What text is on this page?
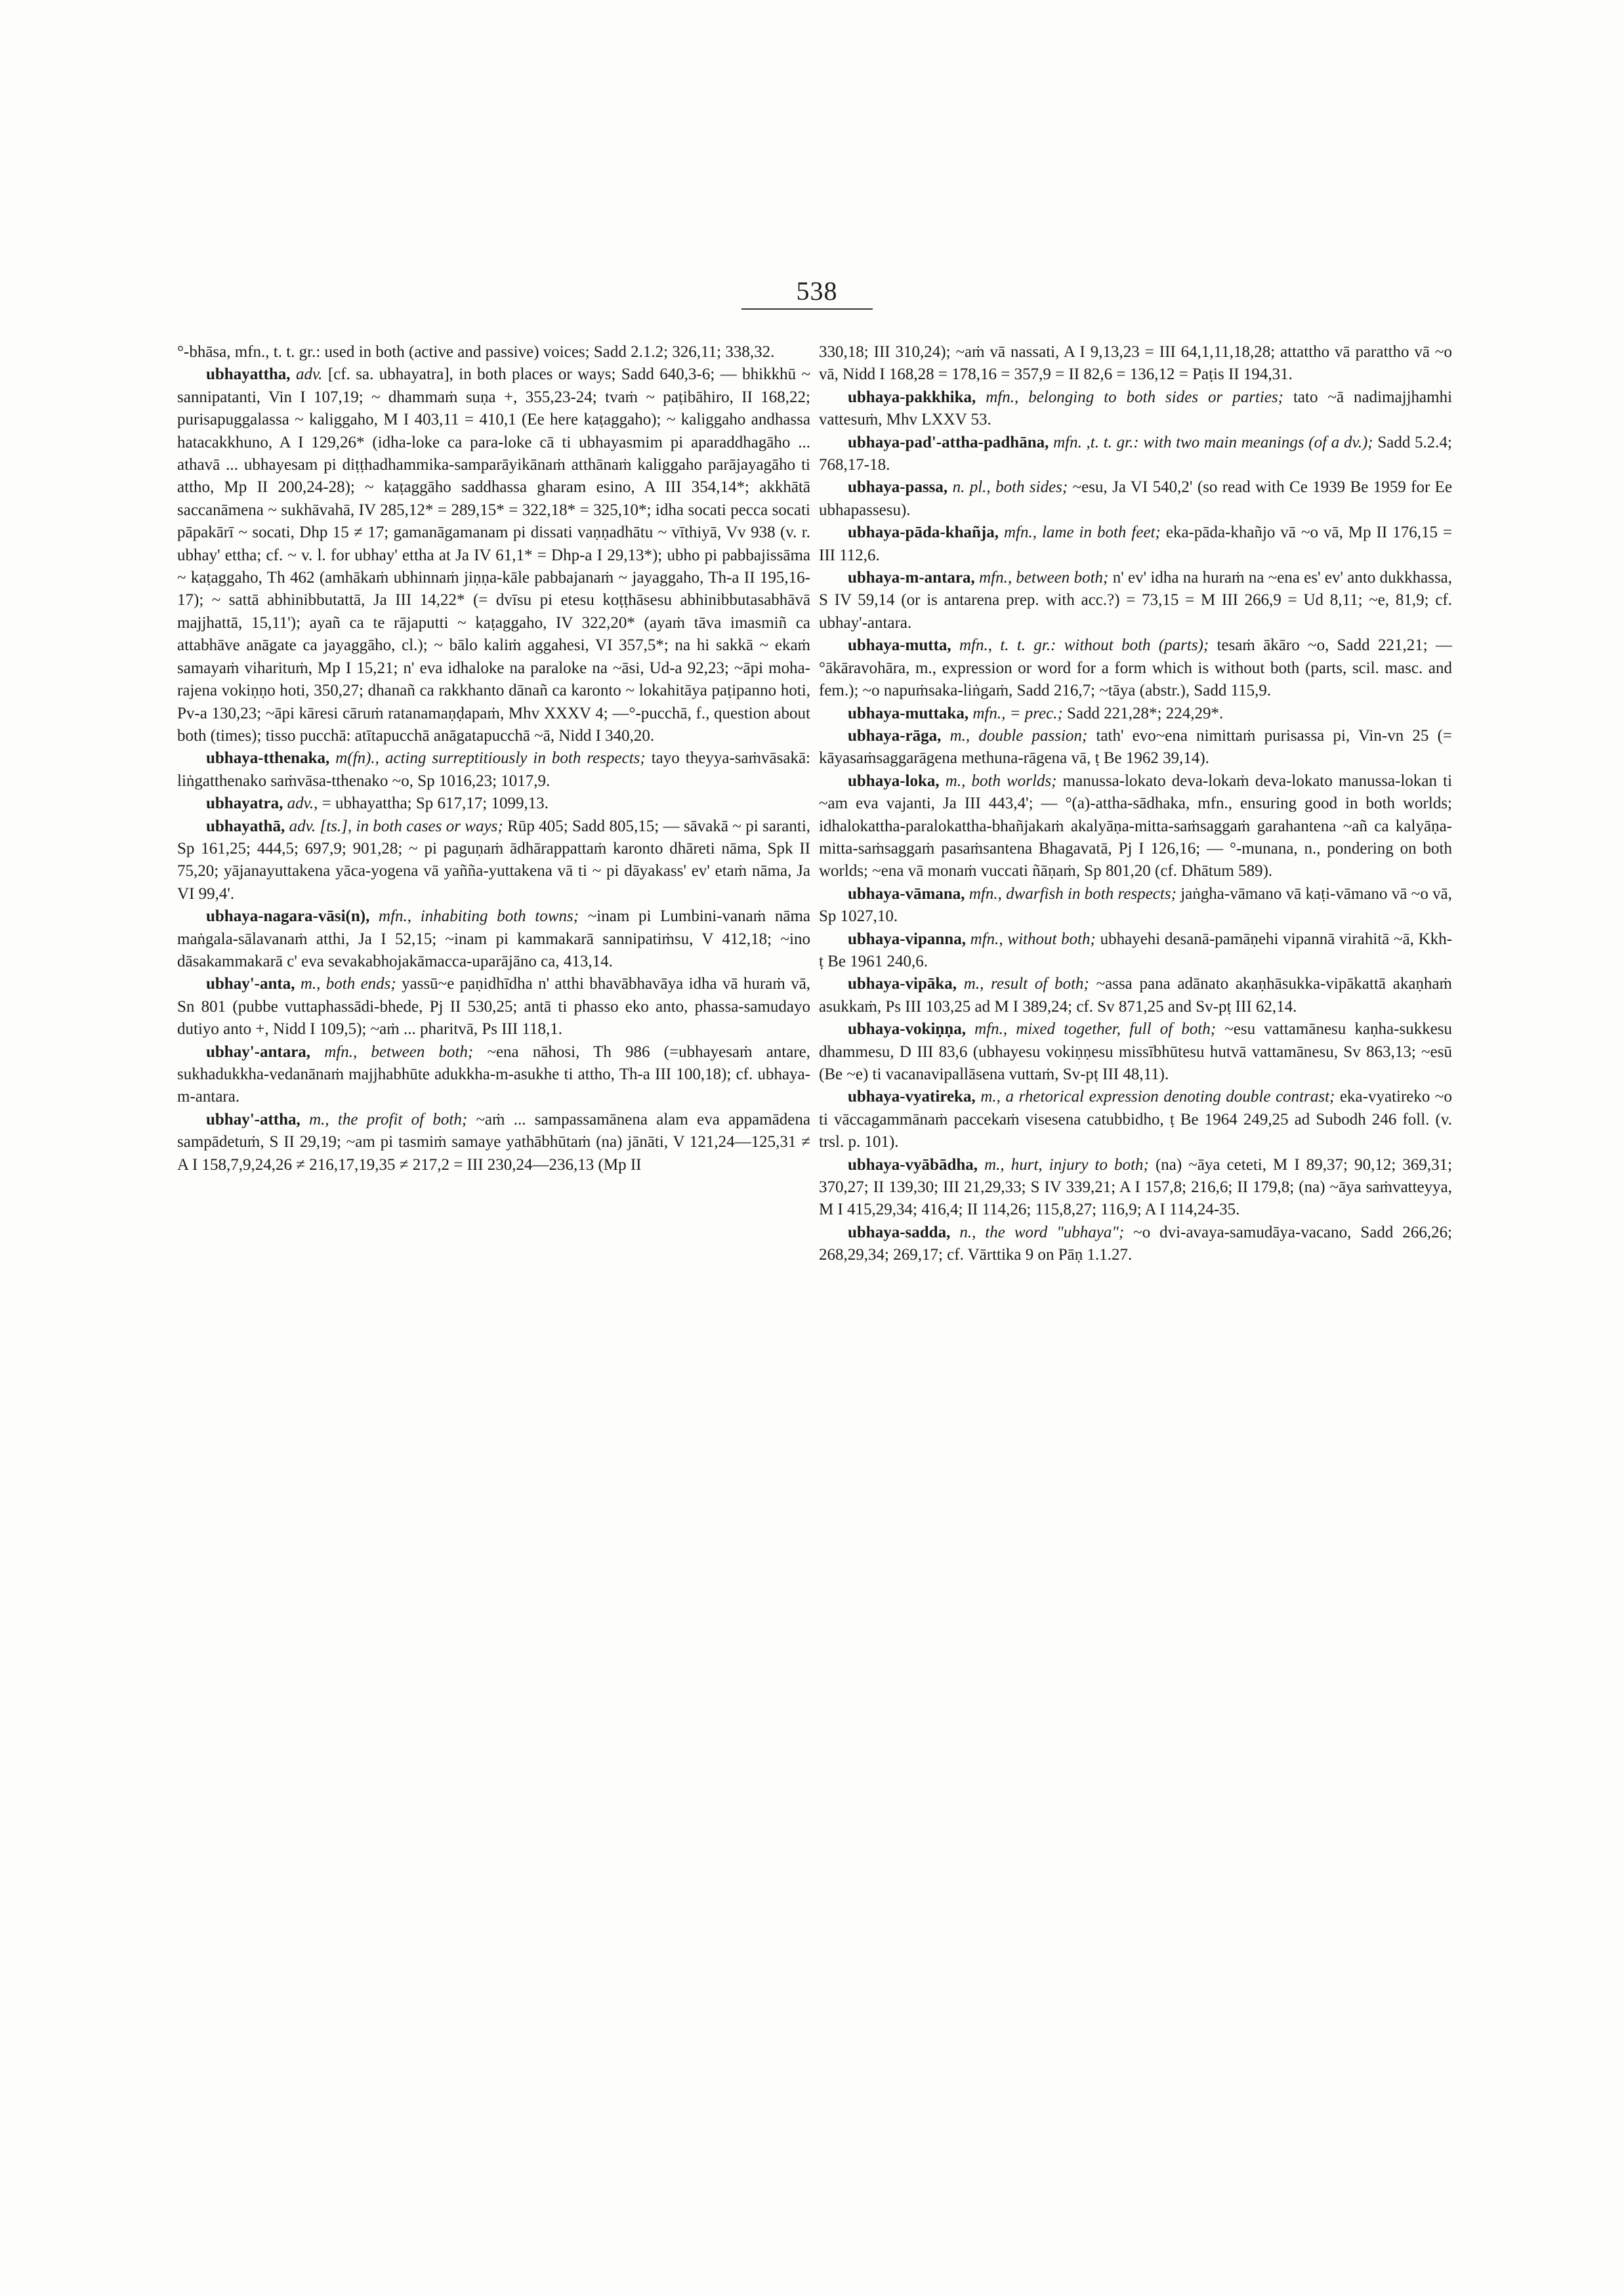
538

°-bhāsa, mfn., t. t. gr.: used in both (active and passive) voices; Sadd 2.1.2; 326,11; 338,32.

ubhayattha, adv. [cf. sa. ubhayatra], in both places or ways; Sadd 640,3-6; — bhikkhū ~ sannipatanti, Vin I 107,19; ~ dhammaṁ suṇa +, 355,23-24; tvaṁ ~ paṭibāhiro, II 168,22; purisapuggalassa ~ kaliggaho, M I 403,11 = 410,1 (Ee here kaṭaggaho); ~ kaliggaho andhassa hatacakkhuno, A I 129,26* (idha-loke ca para-loke cā ti ubhayasmim pi aparaddhagāho ... athavā ... ubhayesam pi diṭṭhadhammika-samparāyikānaṁ atthānaṁ kaliggaho parājayagāho ti attho, Mp II 200,24-28); ~ kaṭaggāho saddhassa gharam esino, A III 354,14*; akkhātā saccanāmena ~ sukhāvahā, IV 285,12* = 289,15* = 322,18* = 325,10*; idha socati pecca socati pāpakārī ~ socati, Dhp 15 ≠ 17; gamanāgamanam pi dissati vaṇṇadhātu ~ vīthiyā, Vv 938 (v. r. ubhay' ettha; cf. ~ v. l. for ubhay' ettha at Ja IV 61,1* = Dhp-a I 29,13*); ubho pi pabbajissāma ~ kaṭaggaho, Th 462 (amhākaṁ ubhinnaṁ jiṇṇa-kāle pabbajanaṁ ~ jayaggaho, Th-a II 195,16-17); ~ sattā abhinibbutattā, Ja III 14,22* (= dvīsu pi etesu koṭṭhāsesu abhinibbutasabhāvā majjhattā, 15,11'); ayañ ca te rājaputti ~ kaṭaggaho, IV 322,20* (ayaṁ tāva imasmiñ ca attabhāve anāgate ca jayaggāho, cl.); ~ bālo kaliṁ aggahesi, VI 357,5*; na hi sakkā ~ ekaṁ samayaṁ viharituṁ, Mp I 15,21; n' eva idhaloke na paraloke na ~āsi, Ud-a 92,23; ~āpi moha-rajena vokiṇṇo hoti, 350,27; dhanañ ca rakkhanto dānañ ca karonto ~ lokahitāya paṭipanno hoti, Pv-a 130,23; ~āpi kāresi cāruṁ ratanamaṇḍapaṁ, Mhv XXXV 4; —°-pucchā, f., question about both (times); tisso pucchā: atītapucchā anāgatapucchā ~ā, Nidd I 340,20.

ubhaya-tthenaka, m(fn)., acting surreptitiously in both respects; tayo theyya-saṁvāsakā: liṅgatthenako saṁvāsa-tthenako ~o, Sp 1016,23; 1017,9.

ubhayatra, adv., = ubhayattha; Sp 617,17; 1099,13.

ubhayathā, adv. [ts.], in both cases or ways; Rūp 405; Sadd 805,15; — sāvakā ~ pi saranti, Sp 161,25; 444,5; 697,9; 901,28; ~ pi paguṇaṁ ādhārappattaṁ karonto dhāreti nāma, Spk II 75,20; yājanayuttakena yāca-yogena vā yañña-yuttakena vā ti ~ pi dāyakass' ev' etaṁ nāma, Ja VI 99,4'.

ubhaya-nagara-vāsi(n), mfn., inhabiting both towns; ~inam pi Lumbini-vanaṁ nāma maṅgala-sālavanaṁ atthi, Ja I 52,15; ~inam pi kammakarā sannipatiṁsu, V 412,18; ~ino dāsakammakarā c' eva sevakabhojakāmacca-uparājāno ca, 413,14.

ubhay'-anta, m., both ends; yassū~e paṇidhīdha n' atthi bhavābhavāya idha vā huraṁ vā, Sn 801 (pubbe vuttaphassādi-bhede, Pj II 530,25; antā ti phasso eko anto, phassa-samudayo dutiyo anto +, Nidd I 109,5); ~aṁ ... pharitvā, Ps III 118,1.

ubhay'-antara, mfn., between both; ~ena nāhosi, Th 986 (=ubhayesaṁ antare, sukhadukkha-vedanānaṁ majjhabhūte adukkha-m-asukhe ti attho, Th-a III 100,18); cf. ubhaya-m-antara.

ubhay'-attha, m., the profit of both; ~aṁ ... sampassamānena alam eva appamādena sampādetuṁ, S II 29,19; ~am pi tasmiṁ samaye yathābhūtaṁ (na) jānāti, V 121,24—125,31 ≠ A I 158,7,9,24,26 ≠ 216,17,19,35 ≠ 217,2 = III 230,24—236,13 (Mp II

330,18; III 310,24); ~aṁ vā nassati, A I 9,13,23 = III 64,1,11,18,28; attattho vā parattho vā ~o vā, Nidd I 168,28 = 178,16 = 357,9 = II 82,6 = 136,12 = Paṭis II 194,31.

ubhaya-pakkhika, mfn., belonging to both sides or parties; tato ~ā nadimajjhamhi vattesuṁ, Mhv LXXV 53.

ubhaya-pad'-attha-padhāna, mfn. ,t. t. gr.: with two main meanings (of a dv.); Sadd 5.2.4; 768,17-18.

ubhaya-passa, n. pl., both sides; ~esu, Ja VI 540,2' (so read with Ce 1939 Be 1959 for Ee ubhapassesu).

ubhaya-pāda-khañja, mfn., lame in both feet; eka-pāda-khañjo vā ~o vā, Mp II 176,15 = III 112,6.

ubhaya-m-antara, mfn., between both; n' ev' idha na huraṁ na ~ena es' ev' anto dukkhassa, S IV 59,14 (or is antarena prep. with acc.?) = 73,15 = M III 266,9 = Ud 8,11; ~e, 81,9; cf. ubhay'-antara.

ubhaya-mutta, mfn., t. t. gr.: without both (parts); tesaṁ ākāro ~o, Sadd 221,21; — °ākāravohāra, m., expression or word for a form which is without both (parts, scil. masc. and fem.); ~o napuṁsaka-liṅgaṁ, Sadd 216,7; ~tāya (abstr.), Sadd 115,9.

ubhaya-muttaka, mfn., = prec.; Sadd 221,28*; 224,29*.

ubhaya-rāga, m., double passion; tath' evo~ena nimittaṁ purisassa pi, Vin-vn 25 (= kāyasaṁsaggarāgena methuna-rāgena vā, ṭ Be 1962 39,14).

ubhaya-loka, m., both worlds; manussa-lokato deva-lokaṁ deva-lokato manussa-lokan ti ~am eva vajanti, Ja III 443,4'; — °(a)-attha-sādhaka, mfn., ensuring good in both worlds; idhalokattha-paralokattha-bhañjakaṁ akalyāṇa-mitta-saṁsaggaṁ garahantena ~añ ca kalyāṇa-mitta-saṁsaggaṁ pasaṁsantena Bhagavatā, Pj I 126,16; — °-munana, n., pondering on both worlds; ~ena vā monaṁ vuccati ñāṇaṁ, Sp 801,20 (cf. Dhātum 589).

ubhaya-vāmana, mfn., dwarfish in both respects; jaṅgha-vāmano vā kaṭi-vāmano vā ~o vā, Sp 1027,10.

ubhaya-vipanna, mfn., without both; ubhayehi desanā-pamāṇehi vipannā virahitā ~ā, Kkh-ṭ Be 1961 240,6.

ubhaya-vipāka, m., result of both; ~assa pana adānato akaṇhāsukka-vipākattā akaṇhaṁ asukkaṁ, Ps III 103,25 ad M I 389,24; cf. Sv 871,25 and Sv-pṭ III 62,14.

ubhaya-vokiṇṇa, mfn., mixed together, full of both; ~esu vattamānesu kaṇha-sukkesu dhammesu, D III 83,6 (ubhayesu vokiṇṇesu missībhūtesu hutvā vattamānesu, Sv 863,13; ~esū (Be ~e) ti vacanavipallāsena vuttaṁ, Sv-pṭ III 48,11).

ubhaya-vyatireka, m., a rhetorical expression denoting double contrast; eka-vyatireko ~o ti vāccagammānaṁ paccekaṁ visesena catubbidho, ṭ Be 1964 249,25 ad Subodh 246 foll. (v. trsl. p. 101).

ubhaya-vyābādha, m., hurt, injury to both; (na) ~āya ceteti, M I 89,37; 90,12; 369,31; 370,27; II 139,30; III 21,29,33; S IV 339,21; A I 157,8; 216,6; II 179,8; (na) ~āya saṁvatteyya, M I 415,29,34; 416,4; II 114,26; 115,8,27; 116,9; A I 114,24-35.

ubhaya-sadda, n., the word "ubhaya"; ~o dvi-avaya-samudāya-vacano, Sadd 266,26; 268,29,34; 269,17; cf. Vārttika 9 on Pāṇ 1.1.27.
